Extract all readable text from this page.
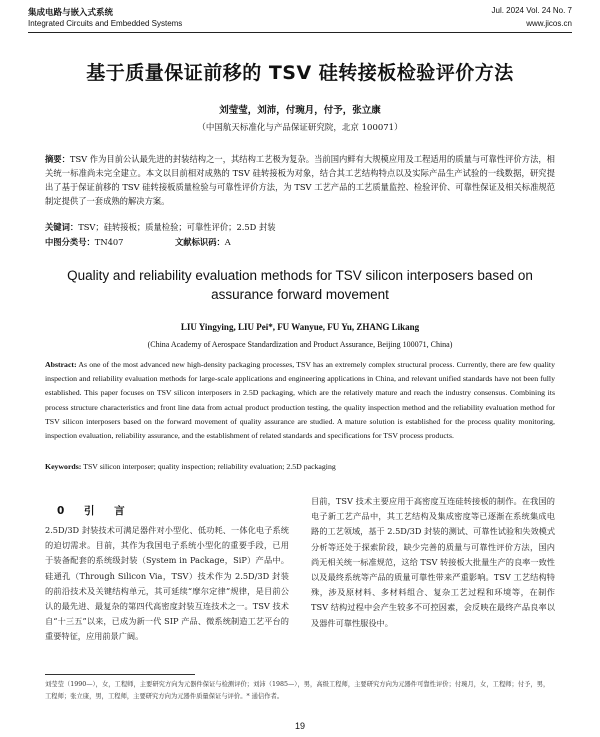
集成电路与嵌入式系统
Integrated Circuits and Embedded Systems
Jul. 2024 Vol. 24 No. 7
www.jicos.cn
基于质量保证前移的 TSV 硅转接板检验评价方法
刘莹莹，刘沛，付琬月，付予，张立康
（中国航天标准化与产品保证研究院，北京 100071）
摘要：TSV 作为目前公认最先进的封装结构之一，其结构工艺极为复杂。当前国内鲜有大规模应用及工程适用的质量与可靠性评价方法，相关统一标准尚未完全建立。本文以目前相对成熟的 TSV 硅转接板为对象，结合其工艺结构特点以及实际产品生产试验的一线数据，研究提出了基于保证前移的 TSV 硅转接板质量检验与可靠性评价方法，为 TSV 工艺产品的工艺质量监控、检验评价、可靠性保证及相关标准规范制定提供了一套成熟的解决方案。
关键词：TSV；硅转接板；质量检验；可靠性评价；2.5D 封装
中图分类号：TN407	文献标识码：A
Quality and reliability evaluation methods for TSV silicon interposers based on assurance forward movement
LIU Yingying, LIU Pei*, FU Wanyue, FU Yu, ZHANG Likang
(China Academy of Aerospace Standardization and Product Assurance, Beijing 100071, China)
Abstract: As one of the most advanced new high-density packaging processes, TSV has an extremely complex structural process. Currently, there are few quality inspection and reliability evaluation methods for large-scale applications and engineering applications in China, and relevant unified standards have not been fully established. This paper focuses on TSV silicon interposers in 2.5D packaging, which are the relatively mature and reach the industry consensus. Combining its process structure characteristics and front line data from actual product production testing, the quality inspection method and the reliability evaluation method for TSV silicon interposers based on the forward movement of quality assurance are studied. A mature solution is established for the process quality monitoring, inspection evaluation, reliability assurance, and the establishment of related standards and specifications for TSV process products.
Keywords: TSV silicon interposer; quality inspection; reliability evaluation; 2.5D packaging
0 引 言
2.5D/3D 封装技术可满足器件对小型化、低功耗、一体化电子系统的迫切需求。目前，其作为我国电子系统小型化的重要手段，已用于装备配套的系统级封装（System in Package，SiP）产品中。硅通孔（Through Silicon Via，TSV）技术作为 2.5D/3D 封装的前沿技术及关键结构单元，其可延续“摩尔定律”规律，是目前公认的最先进、最复杂的第四代高密度封装互连技术之一。TSV 技术自“十三五”以来，已成为新一代 SIP 产品、微系统制造工艺平台的重要特征，应用前景广阔。
目前，TSV 技术主要应用于高密度互连硅转接板的制作。在我国的电子新工艺产品中，其工艺结构及集成密度等已逐渐在系统集成电路的工艺领域，基于 2.5D/3D 封装的测试、可靠性试验和失效模式分析等还处于探索阶段，缺少完善的质量与可靠性评价方法，国内尚无相关统一标准规范，这给 TSV 转接板大批量生产的良率一致性以及最终系统等产品的质量可靠性带来严重影响。TSV 工艺结构特殊，涉及原材料、多材料组合、复杂工艺过程和环境等，在制作 TSV 结构过程中会产生较多不可控因素，会反映在最终产品良率以及器件可靠性服役中。
刘莹莹（1990—），女，工程师，主要研究方向为元器件保证与检测评价；刘沛（1985—），男，高级工程师，主要研究方向为元器件可靠性评价；付琬月，女，工程师；付予，男，工程师；张立康，男，工程师，主要研究方向为元器件质量保证与评价。* 通信作者。
19
